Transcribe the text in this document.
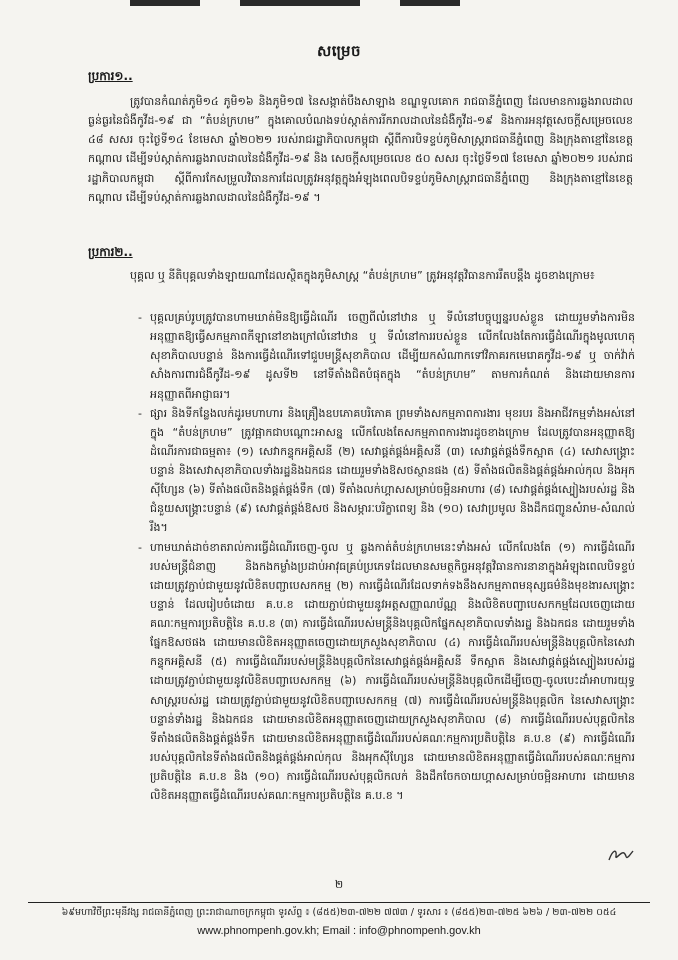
សម្រេច
ប្រការ១..

ត្រូវបានកំណត់ភូមិ១៤ ភូមិ១៦ និងភូមិ១៧ នៃសង្កាត់បឹងសាឡាង ខណ្ឌទួលគោក រាជធានីភ្នំពេញ ដែលមានការឆ្លងរាលដាលធ្ងន់ធ្ងរនៃជំងឺកូវីដ-១៩ ជា “តំបន់ក្រហម” ក្នុងគោលបំណងទប់ស្កាត់ការរីករាលដាលនៃជំងឺកូវីដ-១៩ និងការអនុវត្តសេចក្តីសម្រេចលេខ ៤៨ សសរ ចុះថ្ងៃទី១៤ ខែមេសា ឆ្នាំ២០២១ របស់រាជរដ្ឋាភិបាលកម្ពុជា ស្តីពីការបិទខ្ទប់ភូមិសាស្ត្ររាជធានីភ្នំពេញ និងក្រុងតាខ្មៅនៃខេត្តកណ្តាល ដើម្បីទប់ស្កាត់ការឆ្លងរាលដាលនៃជំងឺកូវីដ-១៩ និង សេចក្តីសម្រេចលេខ ៥០ សសរ ចុះថ្ងៃទី១៧ ខែមេសា ឆ្នាំ២០២១ របស់រាជរដ្ឋាភិបាលកម្ពុជា ស្តីពីការកែសម្រួលវិធានការដែលត្រូវអនុវត្តក្នុងអំឡុងពេលបិទខ្ទប់ភូមិសាស្ត្ររាជធានីភ្នំពេញ និងក្រុងតាខ្មៅនៃខេត្តកណ្តាល ដើម្បីទប់ស្កាត់ការឆ្លងរាលដាលនៃជំងឺកូវីដ-១៩ ។

ប្រការ២..

បុគ្គល ឬ នីតិបុគ្គលទាំងឡាយណាដែលស្ថិតក្នុងភូមិសាស្ត្រ “តំបន់ក្រហម” ត្រូវអនុវត្តវិធានការរឹតបន្តឹង ដូចខាងក្រោម៖

- បុគ្គលគ្រប់រូបត្រូវបានហាមឃាត់មិនឱ្យធ្វើដំណើរ ចេញពីលំនៅឋាន ឬ ទីលំនៅបច្ចុប្បន្នរបស់ខ្លួន ដោយរួមទាំងការមិនអនុញ្ញាតឱ្យធ្វើសកម្មភាពកីឡានៅខាងក្រៅលំនៅឋាន ឬ ទីលំនៅការរបស់ខ្លួន លើកលែងតែការធ្វើដំណើរក្នុងមូលហេតុសុខាភិបាលបន្ទាន់ និងការធ្វើដំណើរទៅជួបមន្ត្រីសុខាភិបាល ដើម្បីយកសំណាកទៅវិភាគរកមេរោគកូវីដ-១៩ ឬ ចាក់វ៉ាក់សាំងការពារជំងឺកូវីដ-១៩ ដូសទី២ នៅទីតាំងជិតបំផុតក្នុង “តំបន់ក្រហម” តាមការកំណត់ និងដោយមានការអនុញ្ញាតពីអាជ្ញាធរ។

- ផ្សារ និងទីកន្លែងលក់ដូរមហាហារ និងគ្រឿងឧបភោគបរិភោគ ព្រមទាំងសកម្មភាពការងារ មុខរបរ និងអាជីវកម្មទាំងអស់នៅក្នុង “តំបន់ក្រហម” ត្រូវផ្អាកជាបណ្តោះអាសន្ន លើកលែងតែសកម្មភាពការងារដូចខាងក្រោម ដែលត្រូវបានអនុញ្ញាតឱ្យដំណើរការជាធម្មតា៖ (១) សេវាកន្ទុកអគ្គិសនី (២) សេវាផ្គត់ផ្គង់អគ្គិសនី (៣) សេវាផ្គត់ផ្គង់ទឹកស្អាត (៤) សេវាសង្គ្រោះបន្ទាន់ និងសេវាសុខាភិបាលទាំងរដ្ឋនិងឯកជន ដោយរួមទាំងឱសថស្ថានផង (៥) ទីតាំងផលិតនិងផ្គត់ផ្គង់អាល់កុល និងអុកស៊ីហ្សែន (៦) ទីតាំងផលិតនិងផ្គត់ផ្គង់ទឹក (៧) ទីតាំងលក់ហ្គាសសម្រាប់ចម្អិនអាហារ (៨) សេវាផ្គត់ផ្គង់ស្បៀងរបស់រដ្ឋ និងជំនួយសង្គ្រោះបន្ទាន់ (៩) សេវាផ្គត់ផ្គង់ឱសថ និងសម្ភារៈបរិក្ខាពេទ្យ និង (១០) សេវាប្រមូល និងដឹកជញ្ជូនសំរាម-សំណល់រឹង។

- ហាមឃាត់ដាច់ខាតរាល់ការធ្វើដំណើរចេញ-ចូល ឬ ឆ្លងកាត់តំបន់ក្រហមនេះទាំងអស់ លើកលែងតែ (១) ការធ្វើដំណើររបស់មន្ត្រីជំនាញ និងកងកម្លាំងប្រដាប់អាវុធគ្រប់ប្រភេទដែលមានសមត្ថកិច្ចអនុវត្តវិធានការនានាក្នុងអំឡុងពេលបិទខ្ទប់ ដោយត្រូវភ្ជាប់ជាមួយនូវលិខិតបញ្ជាបេសកកម្ម (២) ការធ្វើដំណើរដែលទាក់ទងនឹងសកម្មភាពមនុស្សធម៌និងមុខងារសង្គ្រោះបន្ទាន់ ដែលរៀបចំដោយ គ.ប.ខ ដោយភ្ជាប់ជាមួយនូវអត្តសញ្ញាណប័ណ្ណ និងលិខិតបញ្ជាបេសកកម្មដែលចេញដោយគណៈកម្មការប្រតិបត្តិនៃ គ.ប.ខ (៣) ការធ្វើដំណើររបស់មន្ត្រីនិងបុគ្គលិកផ្នែកសុខាភិបាលទាំងរដ្ឋ និងឯកជន ដោយរួមទាំងផ្នែកឱសថផង ដោយមានលិខិតអនុញ្ញាតចេញដោយក្រសួងសុខាភិបាល (៤) ការធ្វើដំណើររបស់មន្ត្រីនិងបុគ្គលិកនៃសេវាកន្ទុកអគ្គិសនី (៥) ការធ្វើដំណើររបស់មន្ត្រីនិងបុគ្គលិកនៃសេវាផ្គត់ផ្គង់អគ្គិសនី ទឹកស្អាត និងសេវាផ្គត់ផ្គង់ស្បៀងរបស់រដ្ឋ ដោយត្រូវភ្ជាប់ជាមួយនូវលិខិតបញ្ជាបេសកកម្ម (៦) ការធ្វើដំណើររបស់មន្ត្រីនិងបុគ្គលិកដើម្បីចេញ-ចូលបេះដាំអាហារយុទ្ធសាស្ត្ររបស់រដ្ឋ ដោយត្រូវភ្ជាប់ជាមួយនូវលិខិតបញ្ជាបេសកកម្ម (៧) ការធ្វើដំណើររបស់មន្ត្រីនិងបុគ្គលិក នៃសេវាសង្គ្រោះបន្ទាន់ទាំងរដ្ឋ និងឯកជន ដោយមានលិខិតអនុញ្ញាតចេញដោយក្រសួងសុខាភិបាល (៨) ការធ្វើដំណើររបស់បុគ្គលិកនៃទីតាំងផលិតនិងផ្គត់ផ្គង់ទឹក ដោយមានលិខិតអនុញ្ញាតធ្វើដំណើររបស់គណៈកម្មការប្រតិបត្តិនៃ គ.ប.ខ (៩) ការធ្វើដំណើររបស់បុគ្គលិកនៃទីតាំងផលិតនិងផ្គត់ផ្គង់អាល់កុល និងអុកស៊ីហ្សែន ដោយមានលិខិតអនុញ្ញាតធ្វើដំណើររបស់គណៈកម្មការប្រតិបត្តិនៃ គ.ប.ខ និង (១០) ការធ្វើដំណើររបស់បុគ្គលិកលក់ និងដឹកចែកចាយហ្គាសសម្រាប់ចម្អិនអាហារ ដោយមានលិខិតអនុញ្ញាតធ្វើដំណើររបស់គណៈកម្មការប្រតិបត្តិនៃ គ.ប.ខ ។

២
៦៩មហាវិថីព្រះមុនីវង្ស រាជធានីភ្នំពេញ ព្រះរាជាណាចក្រកម្ពុជា ទូរស័ព្ទ ៖ (៨៥៥)២៣-៧២២ ៧៧៣ / ទូរសារ ៖ (៨៥៥)២៣-៧២៥ ៦២៦ / ២៣-៧២២ ០៥៤
www.phnompenh.gov.kh; Email : info@phnompenh.gov.kh
